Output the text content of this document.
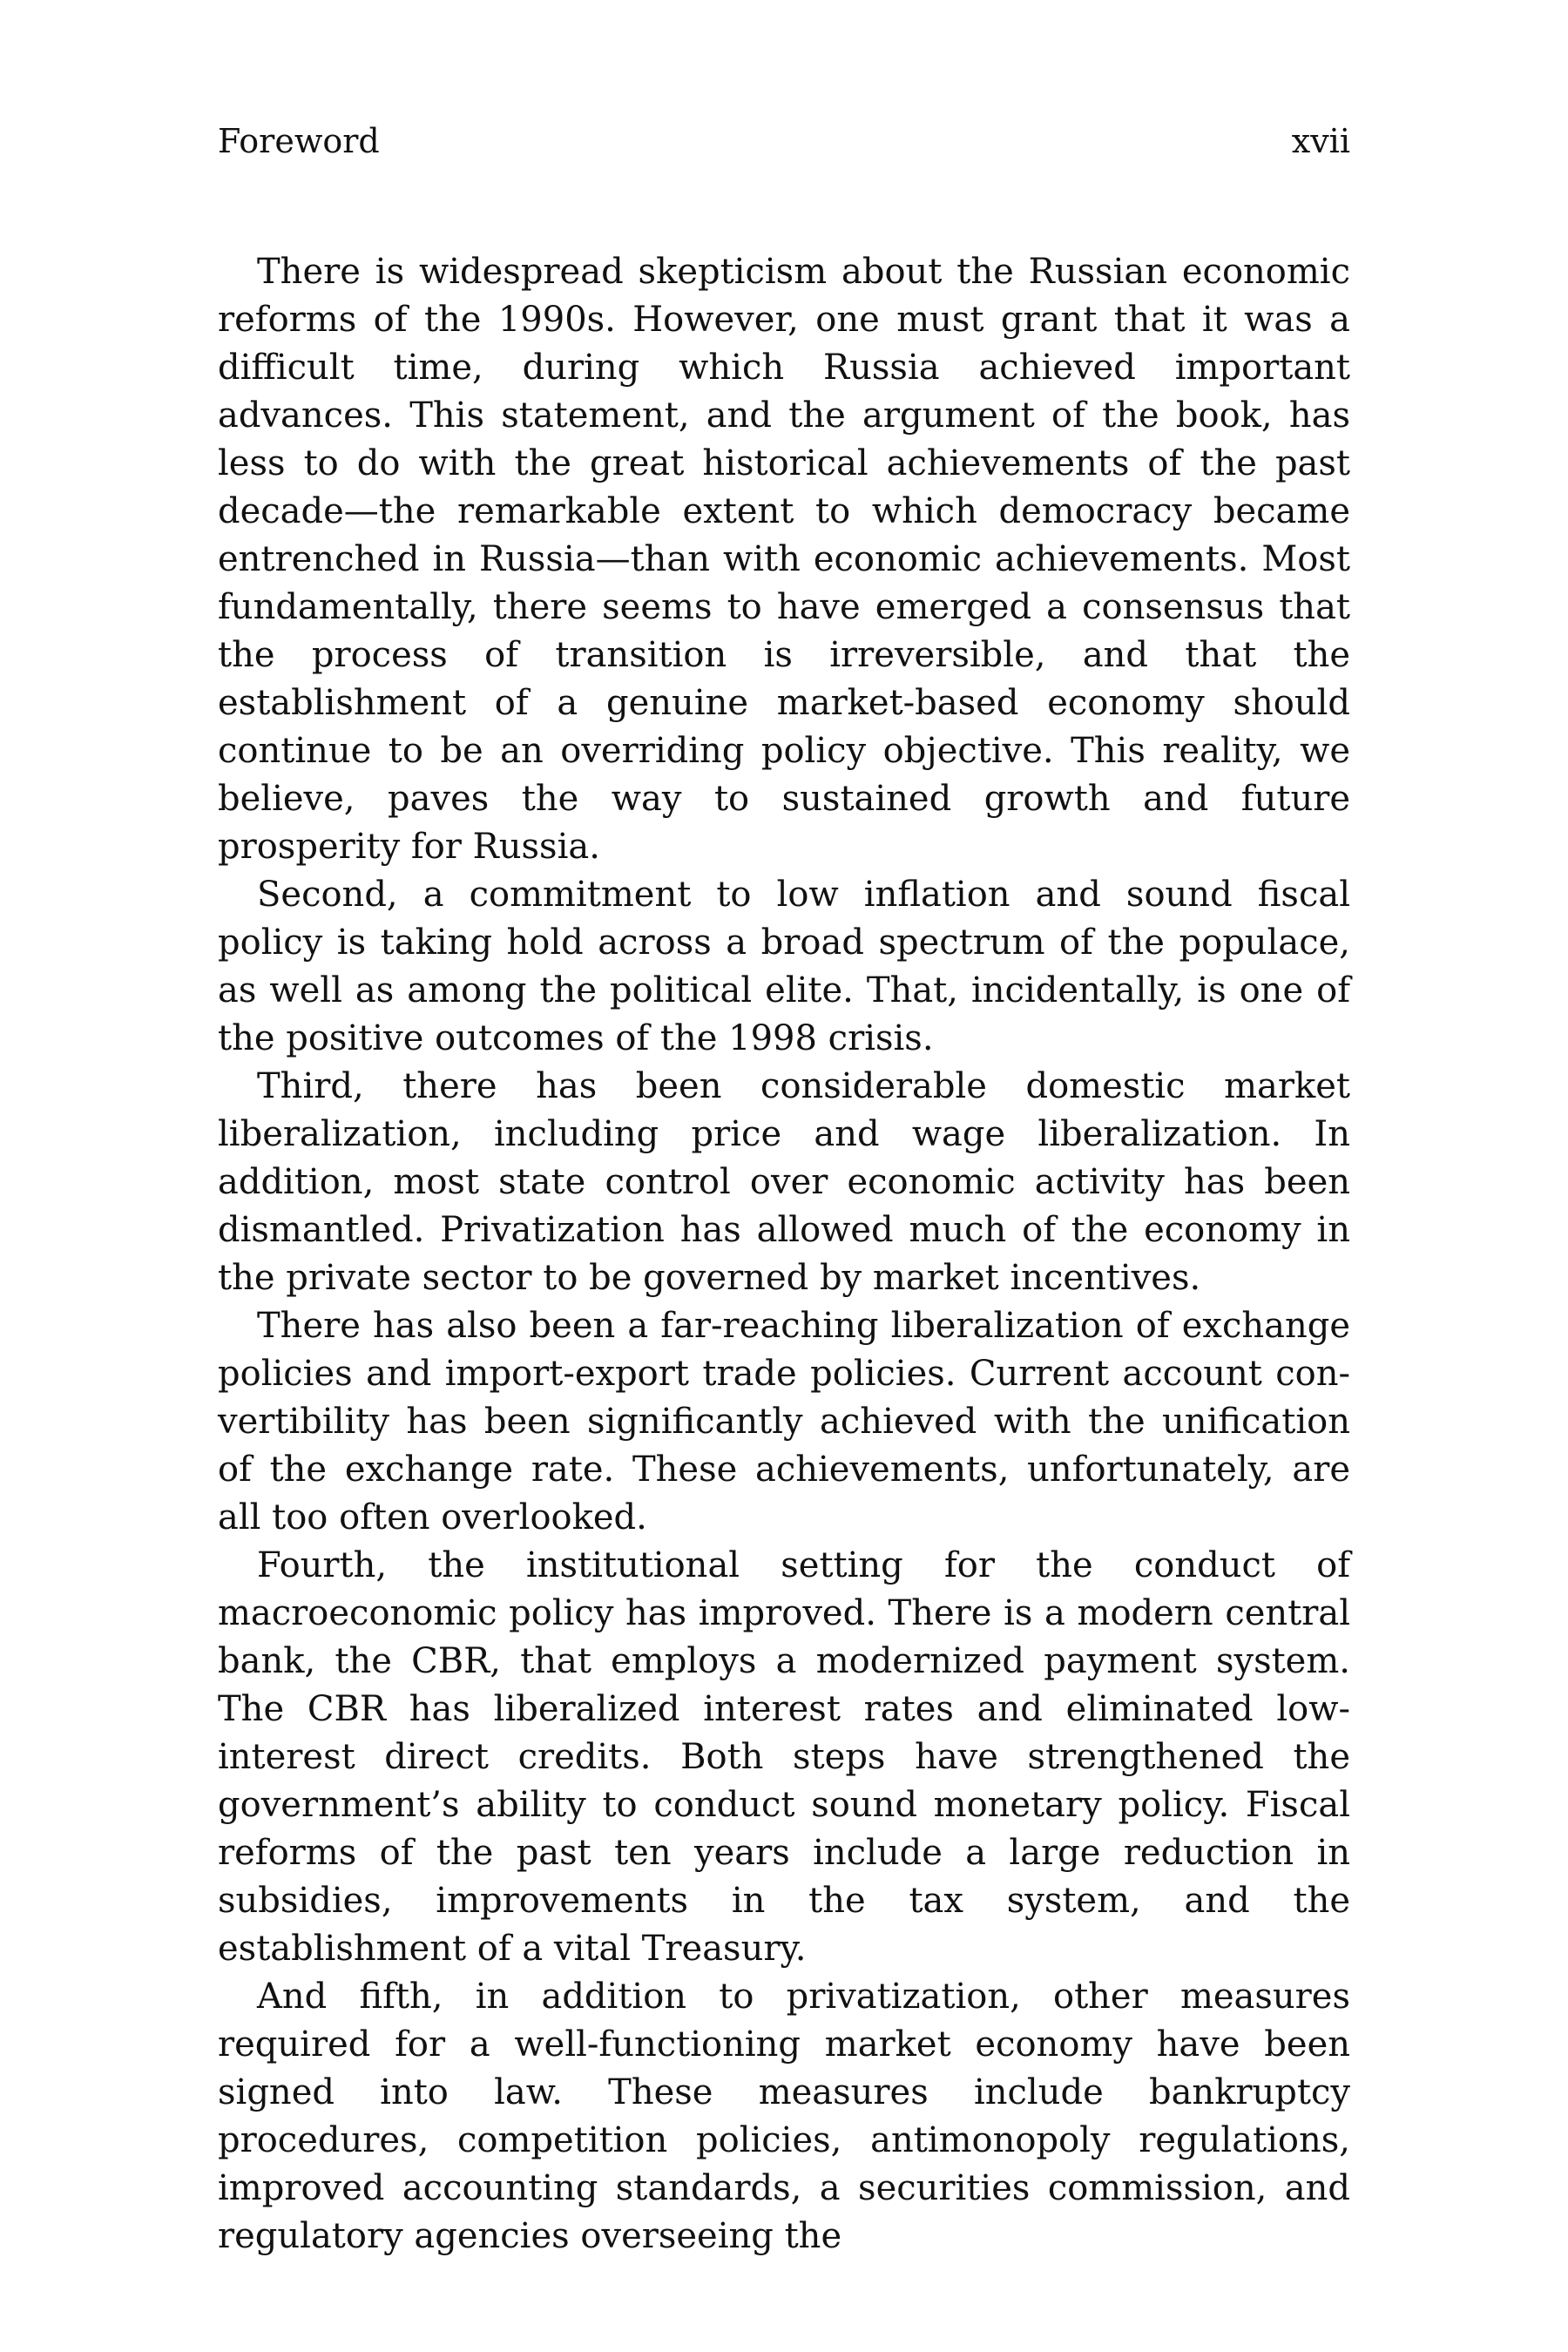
Foreword	xvii

There is widespread skepticism about the Russian economic reforms of the 1990s. However, one must grant that it was a difficult time, during which Russia achieved important advances. This statement, and the argument of the book, has less to do with the great historical achievements of the past decade—the remarkable extent to which democracy became entrenched in Russia—than with economic achievements. Most fundamentally, there seems to have emerged a consensus that the process of transition is irreversible, and that the establishment of a genuine market-based economy should continue to be an overriding policy objective. This reality, we believe, paves the way to sustained growth and future prosperity for Russia.

Second, a commitment to low inflation and sound fiscal policy is taking hold across a broad spectrum of the populace, as well as among the political elite. That, incidentally, is one of the positive outcomes of the 1998 crisis.

Third, there has been considerable domestic market liberalization, including price and wage liberalization. In addition, most state control over economic activity has been dismantled. Privatization has allowed much of the economy in the private sector to be governed by market incentives.

There has also been a far-reaching liberalization of exchange policies and import-export trade policies. Current account convertibility has been significantly achieved with the unification of the exchange rate. These achievements, unfortunately, are all too often overlooked.

Fourth, the institutional setting for the conduct of macroeconomic policy has improved. There is a modern central bank, the CBR, that employs a modernized payment system. The CBR has liberalized interest rates and eliminated low-interest direct credits. Both steps have strengthened the government’s ability to conduct sound monetary policy. Fiscal reforms of the past ten years include a large reduction in subsidies, improvements in the tax system, and the establishment of a vital Treasury.

And fifth, in addition to privatization, other measures required for a well-functioning market economy have been signed into law. These measures include bankruptcy procedures, competition policies, antimonopoly regulations, improved accounting standards, a securities commission, and regulatory agencies overseeing the
